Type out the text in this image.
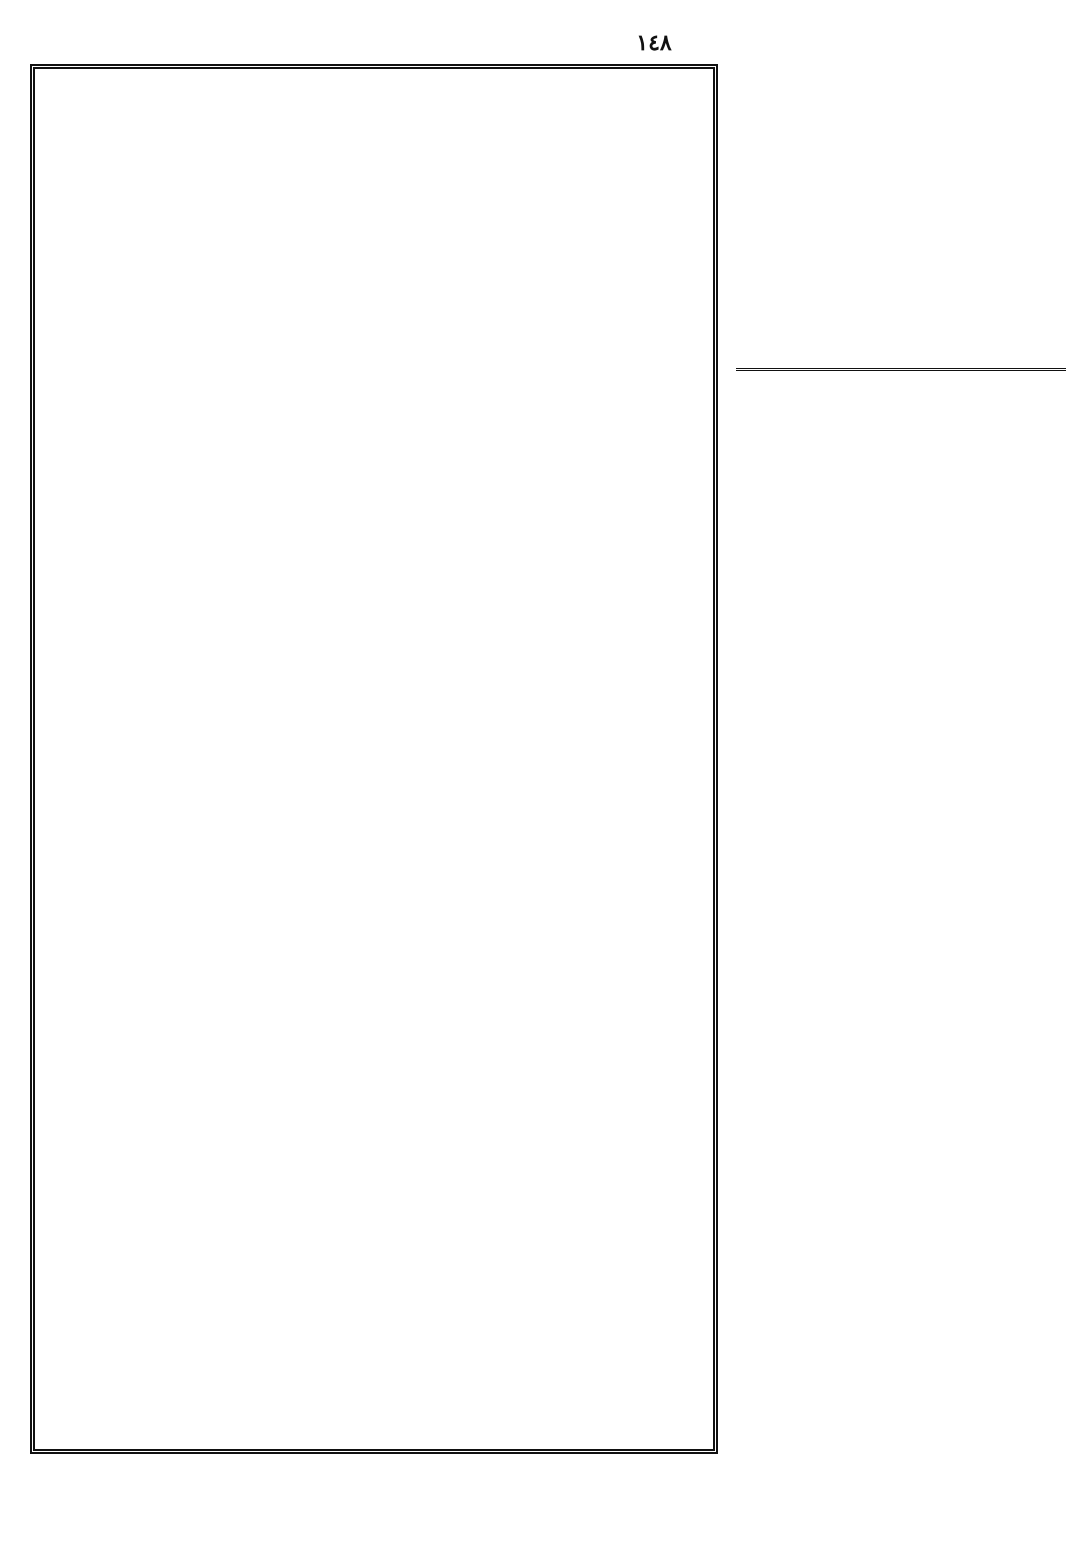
١٤٨
